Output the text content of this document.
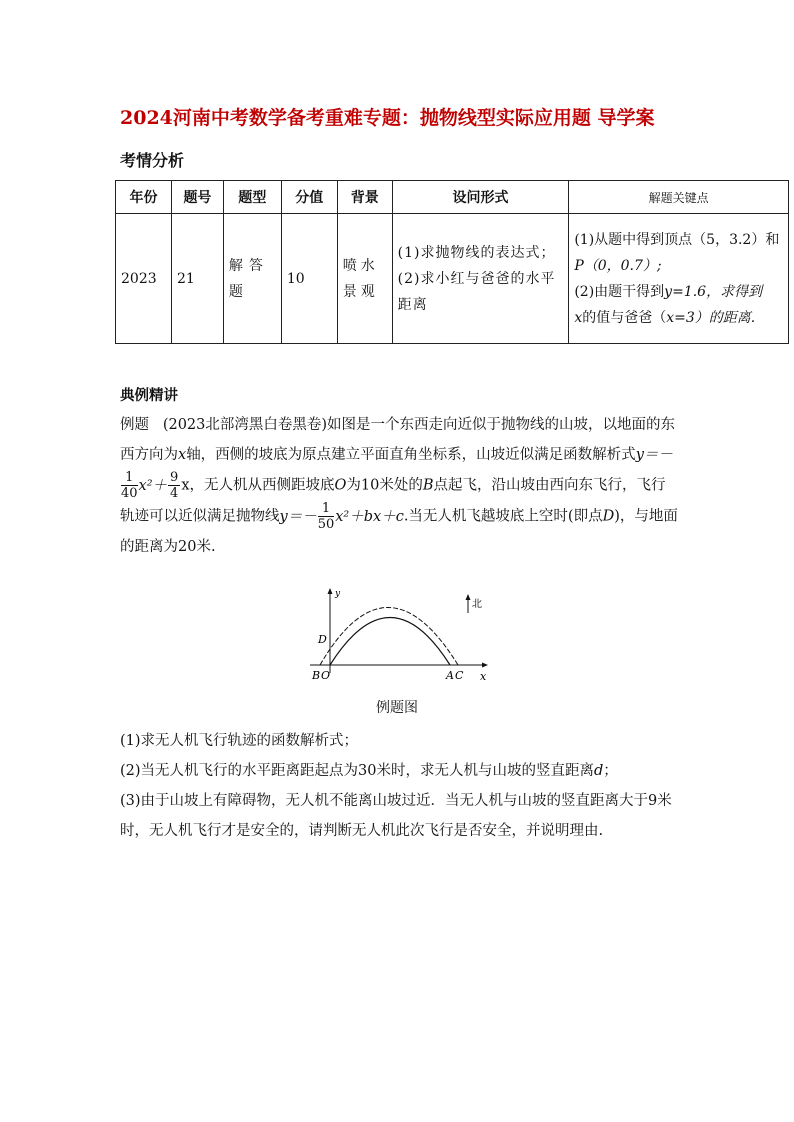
2024河南中考数学备考重难专题：抛物线型实际应用题 导学案
考情分析
年份	题号	题型	分值	背景	设问形式	解题关键点
2023	21	解答题	10	喷水景观	(1)求抛物线的表达式；(2)求小红与爸爸的水平距离	(1)从题中得到顶点（5，3.2）和 P（0，0.7）;
(2)由题干得到y=1.6，求得到
x的值与爸爸（x=3）的距离.
典例精讲
例题 (2023北部湾黑白卷黑卷)如图是一个东西走向近似于抛物线的山坡，以地面的东西方向为x轴，西侧的坡底为原点建立平面直角坐标系，山坡近似满足函数解析式y＝－
$\frac{1}{40} x^2+ \frac{9}{4}$ x，无人机从西侧距坡底O为10米处的B点起飞，沿山坡由西向东飞行，飞行轨迹可以近似满足抛物线$y=- \frac{1}{50} x^2+bx+c$.当无人机飞越坡底上空时(即点D)，与地面的距离为20米.
y
x
北
D
B O	A C
例题图
(1)求无人机飞行轨迹的函数解析式；
(2)当无人机飞行的水平距离距起点为30米时，求无人机与山坡的竖直距离d；
(3)由于山坡上有障碍物，无人机不能离山坡过近．当无人机与山坡的竖直距离大于9米时，无人机飞行才是安全的，请判断无人机此次飞行是否安全，并说明理由.
